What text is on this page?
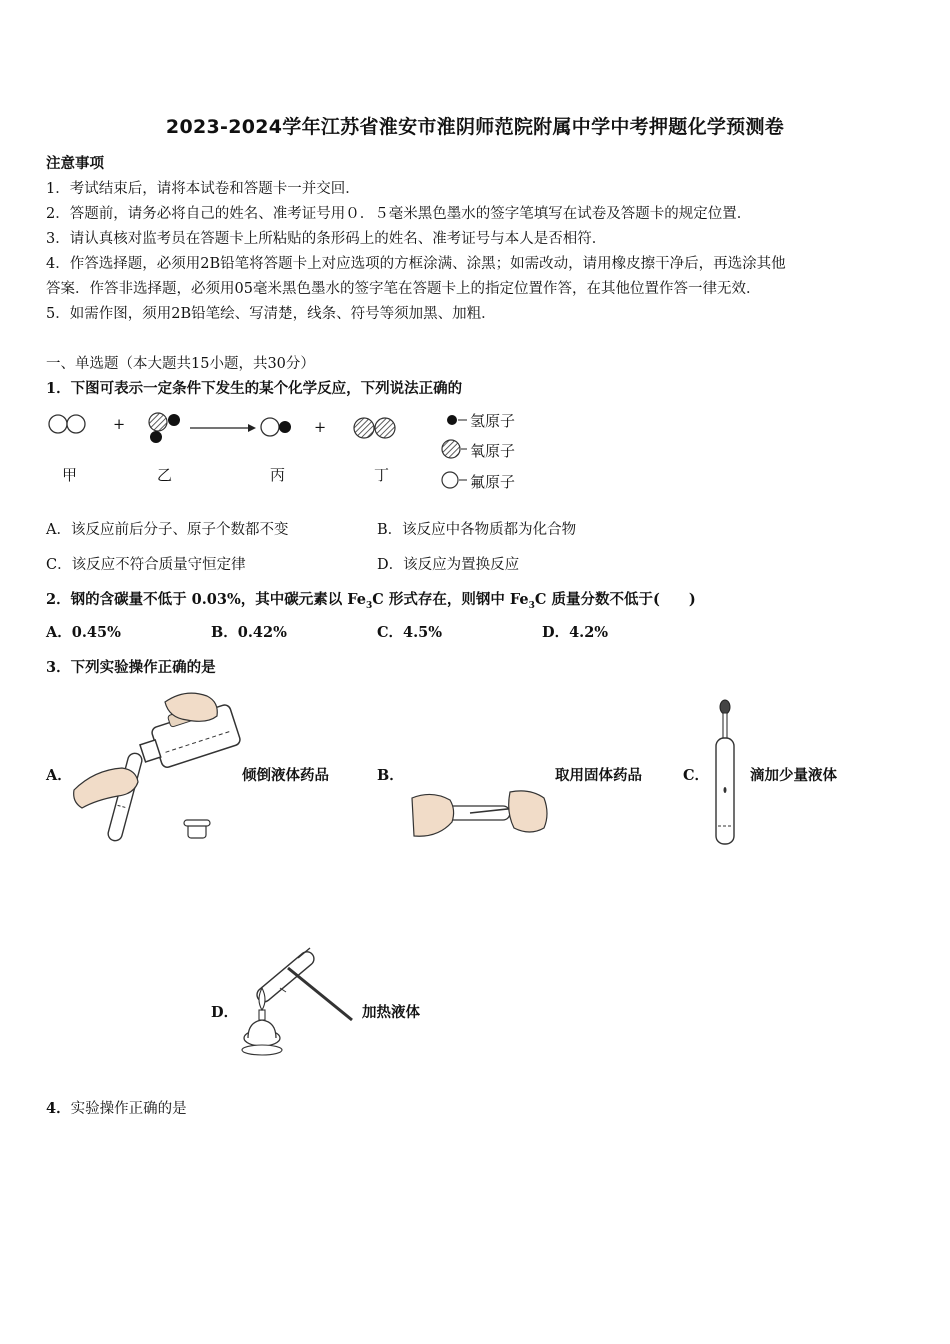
2023-2024学年江苏省淮安市淮阴师范院附属中学中考押题化学预测卷
注意事项
1．考试结束后，请将本试卷和答题卡一并交回．
2．答题前，请务必将自己的姓名、准考证号用０．５毫米黑色墨水的签字笔填写在试卷及答题卡的规定位置．
3．请认真核对监考员在答题卡上所粘贴的条形码上的姓名、准考证号与本人是否相符．
4．作答选择题，必须用2B铅笔将答题卡上对应选项的方框涂满、涂黑；如需改动，请用橡皮擦干净后，再选涂其他
答案．作答非选择题，必须用05毫米黑色墨水的签字笔在答题卡上的指定位置作答，在其他位置作答一律无效．
5．如需作图，须用2B铅笔绘、写清楚，线条、符号等须加黑、加粗．
一、单选题（本大题共15小题，共30分）
1．下图可表示一定条件下发生的某个化学反应，下列说法正确的
+	+
甲	乙	丙	丁
氢原子
氧原子
氟原子
A．该反应前后分子、原子个数都不变	B．该反应中各物质都为化合物
C．该反应不符合质量守恒定律	D．该反应为置换反应
2．钢的含碳量不低于 0.03%，其中碳元素以 $Fe_3C$ 形式存在，则钢中 $Fe_3C$ 质量分数不低于(　　)
A．0.45%	B．0.42%	C．4.5%	D．4.2%
3．下列实验操作正确的是
A．	倾倒液体药品	B．	取用固体药品	C．	滴加少量液体
D．	加热液体
4．实验操作正确的是
